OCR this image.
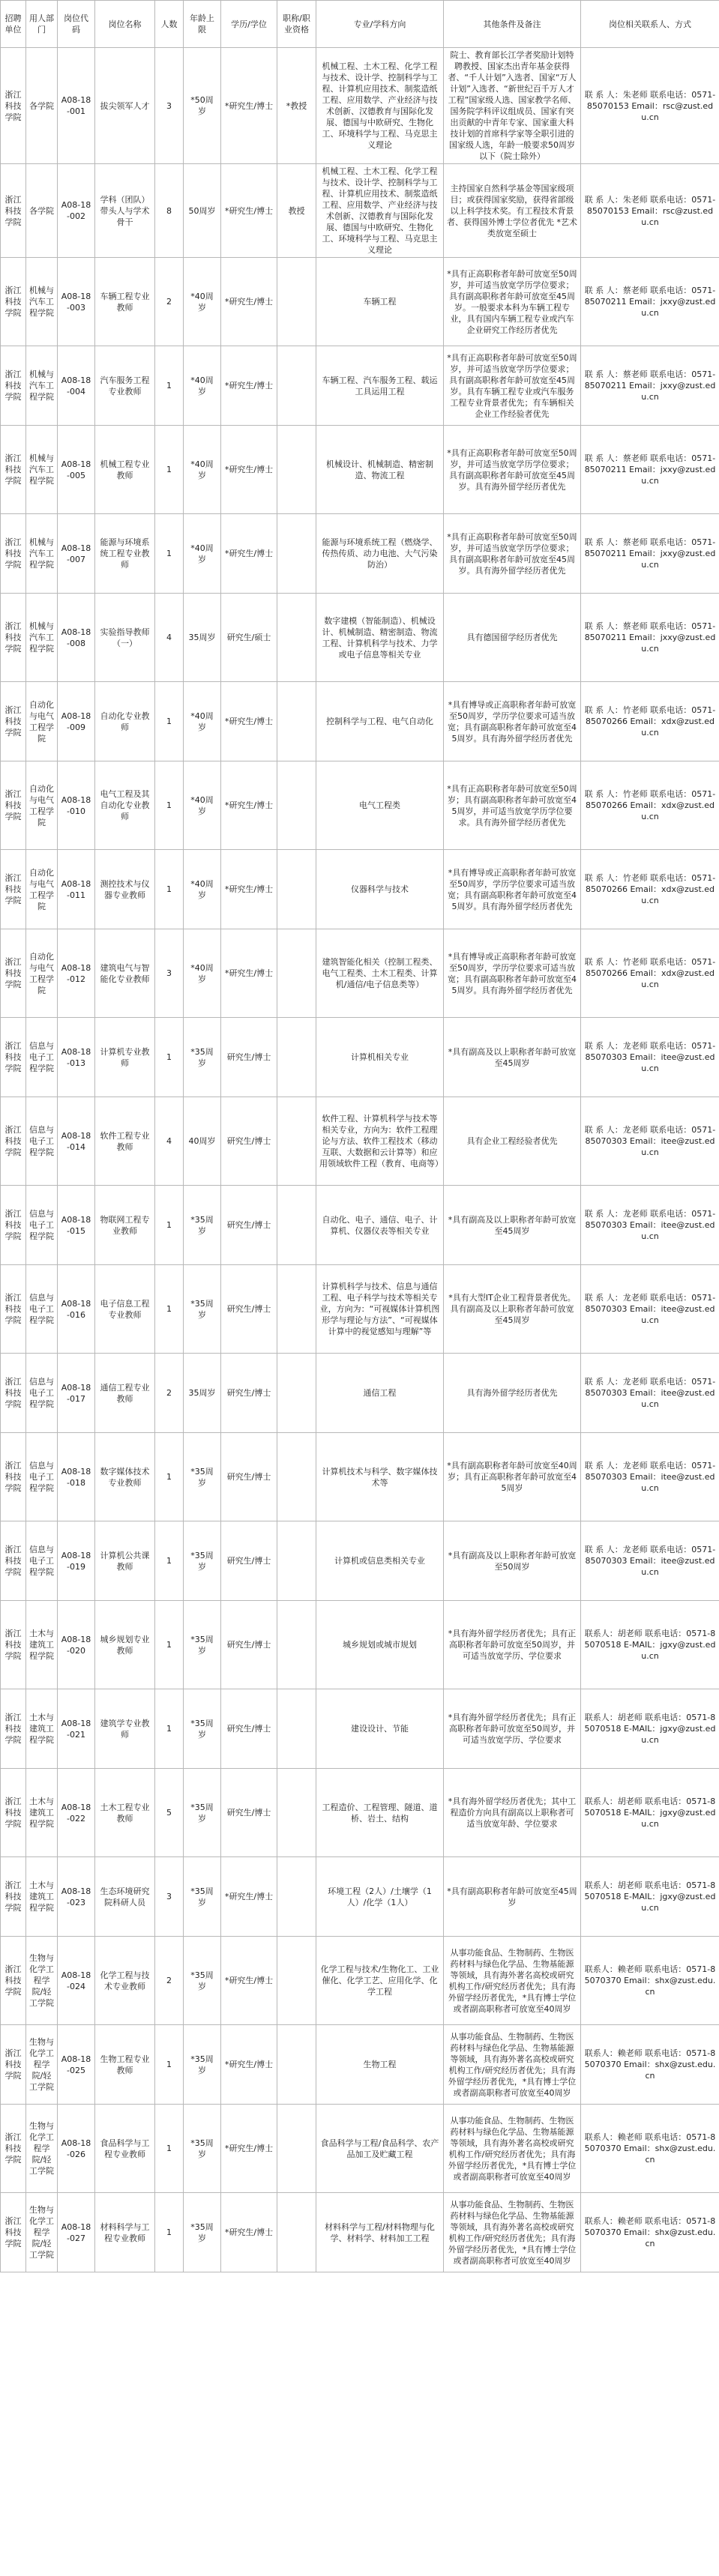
招聘单位	用人部门	岗位代码	岗位名称	人数	年龄上限	学历/学位	职称/职业资格	专业/学科方向	其他条件及备注	岗位相关联系人、方式
浙江科技学院	各学院	A08-18-001	拔尖领军人才	3	*50周岁	*研究生/博士	*教授	机械工程、土木工程、化学工程与技术、设计学、控制科学与工程、计算机应用技术、制浆造纸工程、应用数学、产业经济与技术创新、汉德教育与国际化发展、德国与中欧研究、生物化工、环境科学与工程、马克思主义理论	院士、教育部长江学者奖励计划特聘教授、国家杰出青年基金获得者、“千人计划”入选者、国家“万人计划”入选者、“新世纪百千万人才工程”国家级人选、国家教学名师、国务院学科评议组成员、国家有突出贡献的中青年专家、国家重大科技计划的首席科学家等全职引进的国家级人选，年龄一般要求50周岁以下（院士除外）	联 系 人：朱老师 联系电话：0571-85070153 Email：rsc@zust.edu.cn
浙江科技学院	各学院	A08-18-002	学科（团队）带头人与学术骨干	8	50周岁	*研究生/博士	教授	机械工程、土木工程、化学工程与技术、设计学、控制科学与工程、计算机应用技术、制浆造纸工程、应用数学、产业经济与技术创新、汉德教育与国际化发展、德国与中欧研究、生物化工、环境科学与工程、马克思主义理论	主持国家自然科学基金等国家级项目；或获得国家奖励，获得省部级以上科学技术奖。有工程技术背景者、获得国外博士学位者优先 *艺术类放宽至硕士	联 系 人：朱老师 联系电话：0571-85070153 Email：rsc@zust.edu.cn
浙江科技学院	机械与汽车工程学院	A08-18-003	车辆工程专业教师	2	*40周岁	*研究生/博士		车辆工程	*具有正高职称者年龄可放宽至50周岁，并可适当放宽学历学位要求；具有副高职称者年龄可放宽至45周岁。一般要求本科为车辆工程专业，具有国内车辆工程专业或汽车企业研究工作经历者优先	联 系 人：蔡老师 联系电话：0571-85070211 Email：jxxy@zust.edu.cn
浙江科技学院	机械与汽车工程学院	A08-18-004	汽车服务工程专业教师	1	*40周岁	*研究生/博士		车辆工程、汽车服务工程、载运工具运用工程	*具有正高职称者年龄可放宽至50周岁，并可适当放宽学历学位要求；具有副高职称者年龄可放宽至45周岁。具有车辆工程专业或汽车服务工程专业背景者优先；有车辆相关企业工作经验者优先	联 系 人：蔡老师 联系电话：0571-85070211 Email：jxxy@zust.edu.cn
浙江科技学院	机械与汽车工程学院	A08-18-005	机械工程专业教师	1	*40周岁	*研究生/博士		机械设计、机械制造、精密制造、物流工程	*具有正高职称者年龄可放宽至50周岁，并可适当放宽学历学位要求；具有副高职称者年龄可放宽至45周岁。具有海外留学经历者优先	联 系 人：蔡老师 联系电话：0571-85070211 Email：jxxy@zust.edu.cn
浙江科技学院	机械与汽车工程学院	A08-18-007	能源与环境系统工程专业教师	1	*40周岁	*研究生/博士		能源与环境系统工程（燃烧学、传热传质、动力电池、大气污染防治）	*具有正高职称者年龄可放宽至50周岁，并可适当放宽学历学位要求；具有副高职称者年龄可放宽至45周岁。具有海外留学经历者优先	联 系 人：蔡老师 联系电话：0571-85070211 Email：jxxy@zust.edu.cn
浙江科技学院	机械与汽车工程学院	A08-18-008	实验指导教师（一）	4	35周岁	研究生/硕士		数字建模（智能制造）、机械设计、机械制造、精密制造、物流工程、计算机科学与技术、力学或电子信息等相关专业	具有德国留学经历者优先	联 系 人：蔡老师 联系电话：0571-85070211 Email：jxxy@zust.edu.cn
浙江科技学院	自动化与电气工程学院	A08-18-009	自动化专业教师	1	*40周岁	*研究生/博士		控制科学与工程、电气自动化	*具有博导或正高职称者年龄可放宽至50周岁，学历学位要求可适当放宽；具有副高职称者年龄可放宽至45周岁。具有海外留学经历者优先	联 系 人：竹老师 联系电话：0571-85070266 Email：xdx@zust.edu.cn
浙江科技学院	自动化与电气工程学院	A08-18-010	电气工程及其自动化专业教师	1	*40周岁	*研究生/博士		电气工程类	*具有正高职称者年龄可放宽至50周岁；具有副高职称者年龄可放宽至45周岁，并可适当放宽学历学位要求。具有海外留学经历者优先	联 系 人：竹老师 联系电话：0571-85070266 Email：xdx@zust.edu.cn
浙江科技学院	自动化与电气工程学院	A08-18-011	测控技术与仪器专业教师	1	*40周岁	*研究生/博士		仪器科学与技术	*具有博导或正高职称者年龄可放宽至50周岁，学历学位要求可适当放宽；具有副高职称者年龄可放宽至45周岁。具有海外留学经历者优先	联 系 人：竹老师 联系电话：0571-85070266 Email：xdx@zust.edu.cn
浙江科技学院	自动化与电气工程学院	A08-18-012	建筑电气与智能化专业教师	3	*40周岁	*研究生/博士		建筑智能化相关（控制工程类、电气工程类、土木工程类、计算机/通信/电子信息类等）	*具有博导或正高职称者年龄可放宽至50周岁，学历学位要求可适当放宽；具有副高职称者年龄可放宽至45周岁。具有海外留学经历者优先	联 系 人：竹老师 联系电话：0571-85070266 Email：xdx@zust.edu.cn
浙江科技学院	信息与电子工程学院	A08-18-013	计算机专业教师	1	*35周岁	研究生/博士		计算机相关专业	*具有副高及以上职称者年龄可放宽至45周岁	联 系 人：龙老师 联系电话：0571-85070303 Email：itee@zust.edu.cn
浙江科技学院	信息与电子工程学院	A08-18-014	软件工程专业教师	4	40周岁	研究生/博士		软件工程、计算机科学与技术等相关专业，方向为：软件工程理论与方法、软件工程技术（移动互联、大数据和云计算等）和应用领域软件工程（教育、电商等）	具有企业工程经验者优先	联 系 人：龙老师 联系电话：0571-85070303 Email：itee@zust.edu.cn
浙江科技学院	信息与电子工程学院	A08-18-015	物联网工程专业教师	1	*35周岁	研究生/博士		自动化、电子、通信、电子、计算机、仪器仪表等相关专业	*具有副高及以上职称者年龄可放宽至45周岁	联 系 人：龙老师 联系电话：0571-85070303 Email：itee@zust.edu.cn
浙江科技学院	信息与电子工程学院	A08-18-016	电子信息工程专业教师	1	*35周岁	研究生/博士		计算机科学与技术、信息与通信工程、电子科学与技术等相关专业，方向为：“可视媒体计算机图形学与理论与方法”、“可视媒体计算中的视觉感知与理解”等	*具有大型IT企业工程背景者优先。具有副高及以上职称者年龄可放宽至45周岁	联 系 人：龙老师 联系电话：0571-85070303 Email：itee@zust.edu.cn
浙江科技学院	信息与电子工程学院	A08-18-017	通信工程专业教师	2	35周岁	研究生/博士		通信工程	具有海外留学经历者优先	联 系 人：龙老师 联系电话：0571-85070303 Email：itee@zust.edu.cn
浙江科技学院	信息与电子工程学院	A08-18-018	数字媒体技术专业教师	1	*35周岁	研究生/博士		计算机技术与科学、数字媒体技术等	*具有副高职称者年龄可放宽至40周岁；具有正高职称者年龄可放宽至45周岁	联 系 人：龙老师 联系电话：0571-85070303 Email：itee@zust.edu.cn
浙江科技学院	信息与电子工程学院	A08-18-019	计算机公共课教师	1	*35周岁	研究生/博士		计算机或信息类相关专业	*具有副高及以上职称者年龄可放宽至50周岁	联 系 人：龙老师 联系电话：0571-85070303 Email：itee@zust.edu.cn
浙江科技学院	土木与建筑工程学院	A08-18-020	城乡规划专业教师	1	*35周岁	研究生/博士		城乡规划或城市规划	*具有海外留学经历者优先；具有正高职称者年龄可放宽至50周岁，并可适当放宽学历、学位要求	联系人：胡老师 联系电话：0571-85070518 E-MAIL：jgxy@zust.edu.cn
浙江科技学院	土木与建筑工程学院	A08-18-021	建筑学专业教师	1	*35周岁	研究生/博士		建设设计、节能	*具有海外留学经历者优先；具有正高职称者年龄可放宽至50周岁，并可适当放宽学历、学位要求	联系人：胡老师 联系电话：0571-85070518 E-MAIL：jgxy@zust.edu.cn
浙江科技学院	土木与建筑工程学院	A08-18-022	土木工程专业教师	5	*35周岁	研究生/博士		工程造价、工程管理、隧道、道桥、岩土、结构	*具有海外留学经历者优先；其中工程造价方向具有副高以上职称者可适当放宽年龄、学位要求	联系人：胡老师 联系电话：0571-85070518 E-MAIL：jgxy@zust.edu.cn
浙江科技学院	土木与建筑工程学院	A08-18-023	生态环境研究院科研人员	3	*35周岁	*研究生/博士		环境工程（2人）/土壤学（1人）/化学（1人）	*具有副高职称者年龄可放宽至45周岁	联系人：胡老师 联系电话：0571-85070518 E-MAIL：jgxy@zust.edu.cn
浙江科技学院	生物与化学工程学院/轻工学院	A08-18-024	化学工程与技术专业教师	2	*35周岁	*研究生/博士		化学工程与技术/生物化工、工业催化、化学工艺、应用化学、化学工程	从事功能食品、生物制药、生物医药材料与绿色化学品、生物基能源等领域，具有海外著名高校或研究机构工作/研究经历者优先；具有海外留学经历者优先，*具有博士学位或者副高职称者可放宽至40周岁	联系人：赖老师 联系电话：0571-85070370 Email：shx@zust.edu.cn
浙江科技学院	生物与化学工程学院/轻工学院	A08-18-025	生物工程专业教师	1	*35周岁	*研究生/博士		生物工程	从事功能食品、生物制药、生物医药材料与绿色化学品、生物基能源等领域，具有海外著名高校或研究机构工作/研究经历者优先；具有海外留学经历者优先，*具有博士学位或者副高职称者可放宽至40周岁	联系人：赖老师 联系电话：0571-85070370 Email：shx@zust.edu.cn
浙江科技学院	生物与化学工程学院/轻工学院	A08-18-026	食品科学与工程专业教师	1	*35周岁	*研究生/博士		食品科学与工程/食品科学、农产品加工及贮藏工程	从事功能食品、生物制药、生物医药材料与绿色化学品、生物基能源等领域，具有海外著名高校或研究机构工作/研究经历者优先；具有海外留学经历者优先，*具有博士学位或者副高职称者可放宽至40周岁	联系人：赖老师 联系电话：0571-85070370 Email：shx@zust.edu.cn
浙江科技学院	生物与化学工程学院/轻工学院	A08-18-027	材料科学与工程专业教师	1	*35周岁	*研究生/博士		材料科学与工程/材料物理与化学、材料学、材料加工工程	从事功能食品、生物制药、生物医药材料与绿色化学品、生物基能源等领域，具有海外著名高校或研究机构工作/研究经历者优先；具有海外留学经历者优先，*具有博士学位或者副高职称者可放宽至40周岁	联系人：赖老师 联系电话：0571-85070370 Email：shx@zust.edu.cn
